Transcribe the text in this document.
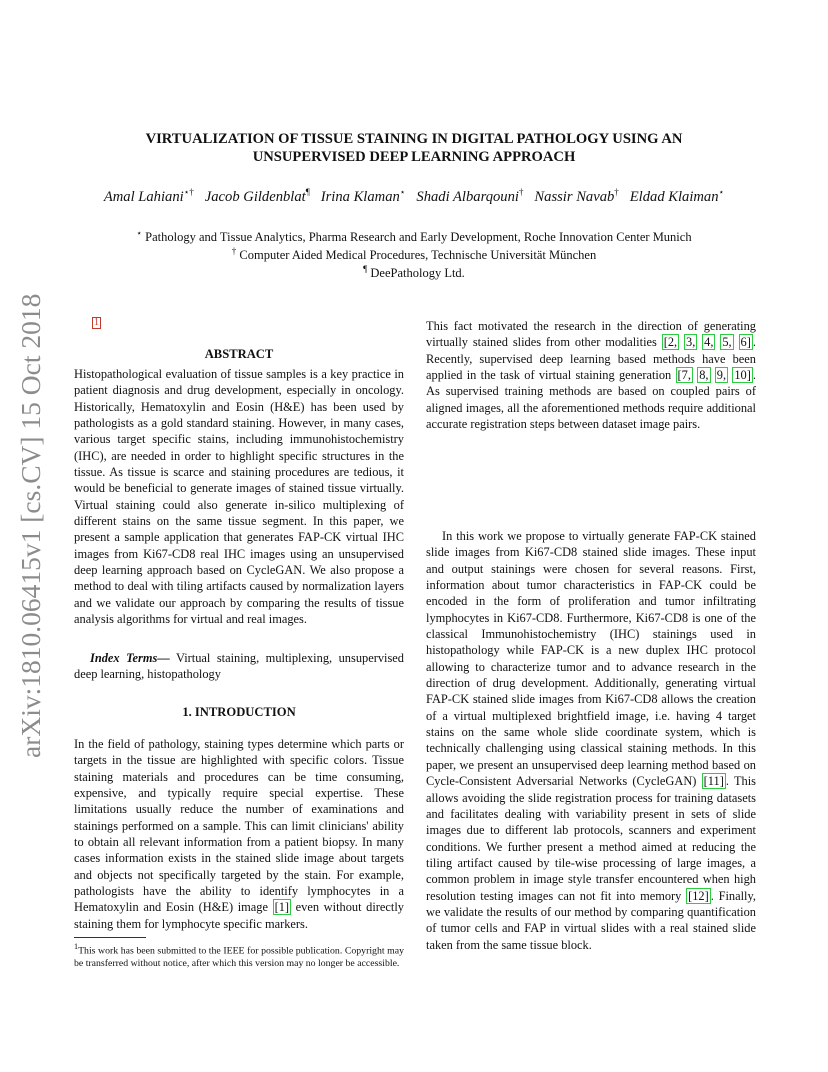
VIRTUALIZATION OF TISSUE STAINING IN DIGITAL PATHOLOGY USING AN
UNSUPERVISED DEEP LEARNING APPROACH
Amal Lahiani⋆† Jacob Gildenblat¶ Irina Klaman⋆ Shadi Albarqouni† Nassir Navab† Eldad Klaiman⋆
⋆ Pathology and Tissue Analytics, Pharma Research and Early Development, Roche Innovation Center Munich
† Computer Aided Medical Procedures, Technische Universität München
¶ DeePathology Ltd.
arXiv:1810.06415v1 [cs.CV] 15 Oct 2018	1
ABSTRACT

Histopathological evaluation of tissue samples is a key practice in patient diagnosis and drug development, especially in oncology. Historically, Hematoxylin and Eosin (H&E) has been used by pathologists as a gold standard staining. However, in many cases, various target specific stains, including immunohistochemistry (IHC), are needed in order to highlight specific structures in the tissue. As tissue is scarce and staining procedures are tedious, it would be beneficial to generate images of stained tissue virtually. Virtual staining could also generate in-silico multiplexing of different stains on the same tissue segment. In this paper, we present a sample application that generates FAP-CK virtual IHC images from Ki67-CD8 real IHC images using an unsupervised deep learning approach based on CycleGAN. We also propose a method to deal with tiling artifacts caused by normalization layers and we validate our approach by comparing the results of tissue analysis algorithms for virtual and real images.

Index Terms— Virtual staining, multiplexing, unsupervised deep learning, histopathology

1. INTRODUCTION

In the field of pathology, staining types determine which parts or targets in the tissue are highlighted with specific colors. Tissue staining materials and procedures can be time consuming, expensive, and typically require special expertise. These limitations usually reduce the number of examinations and stainings performed on a sample. This can limit clinicians' ability to obtain all relevant information from a patient biopsy. In many cases information exists in the stained slide image about targets and objects not specifically targeted by the stain. For example, pathologists have the ability to identify lymphocytes in a Hematoxylin and Eosin (H&E) image [1] even without directly staining them for lymphocyte specific markers.

$^1$This work has been submitted to the IEEE for possible publication. Copyright may be transferred without notice, after which this version may no longer be accessible.

This fact motivated the research in the direction of generating virtually stained slides from other modalities [2, 3, 4, 5, 6] . Recently, supervised deep learning based methods have been applied in the task of virtual staining generation [7, 8, 9, 10] . As supervised training methods are based on coupled pairs of aligned images, all the aforementioned methods require additional accurate registration steps between dataset image pairs.

In this work we propose to virtually generate FAP-CK stained slide images from Ki67-CD8 stained slide images. These input and output stainings were chosen for several reasons. First, information about tumor characteristics in FAP-CK could be encoded in the form of proliferation and tumor infiltrating lymphocytes in Ki67-CD8. Furthermore, Ki67-CD8 is one of the classical Immunohistochemistry (IHC) stainings used in histopathology while FAP-CK is a new duplex IHC protocol allowing to characterize tumor and to advance research in the direction of drug development. Additionally, generating virtual FAP-CK stained slide images from Ki67-CD8 allows the creation of a virtual multiplexed brightfield image, i.e. having 4 target stains on the same whole slide coordinate system, which is technically challenging using classical staining methods. In this paper, we present an unsupervised deep learning method based on Cycle-Consistent Adversarial Networks (CycleGAN) [11] . This allows avoiding the slide registration process for training datasets and facilitates dealing with variability present in sets of slide images due to different lab protocols, scanners and experiment conditions. We further present a method aimed at reducing the tiling artifact caused by tile-wise processing of large images, a common problem in image style transfer encountered when high resolution testing images can not fit into memory [12] . Finally, we validate the results of our method by comparing quantification of tumor cells and FAP in virtual slides with a real stained slide taken from the same tissue block.
